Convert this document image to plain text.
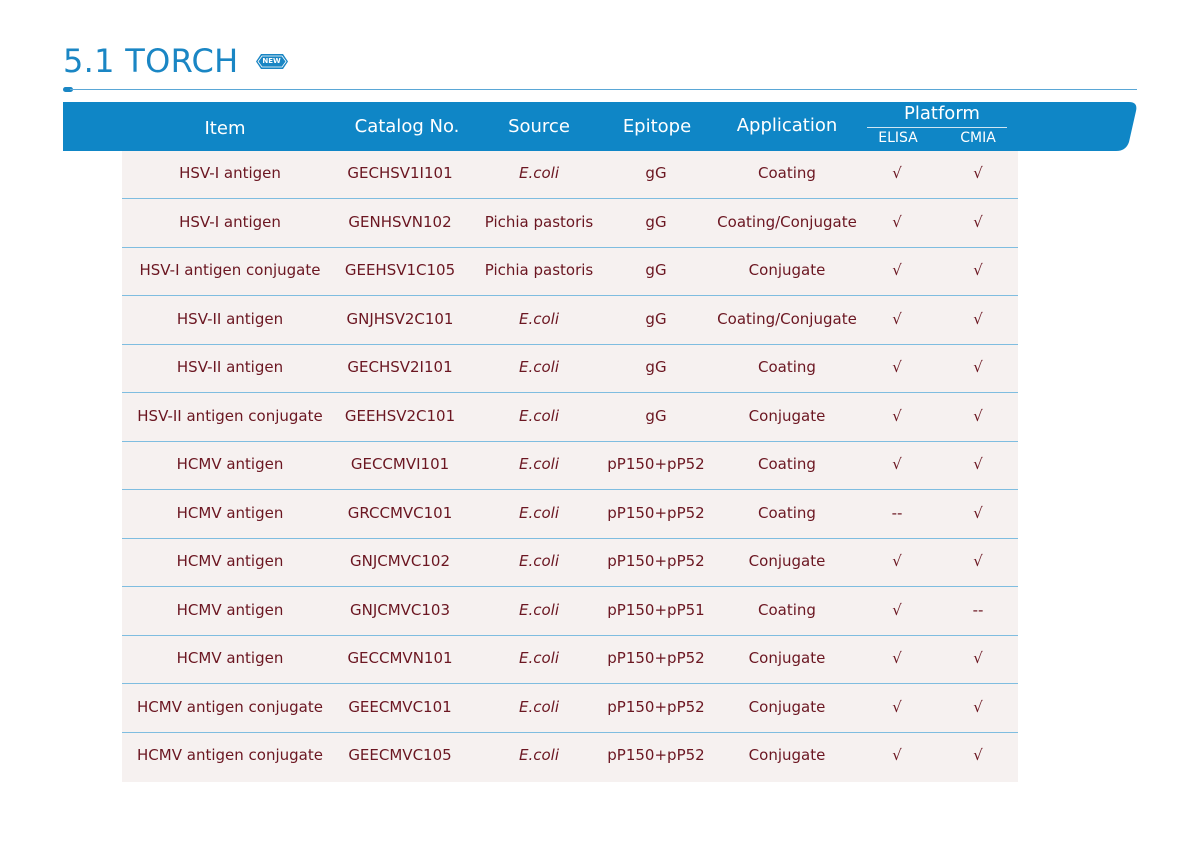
5.1 TORCH	NEW
Item	Catalog No.	Source	Epitope	Application
Platform
ELISA	CMIA
HSV-I antigen	GECHSV1I101	E.coli	gG	Coating	√	√
HSV-I antigen	GENHSVN102	Pichia pastoris	gG	Coating/Conjugate	√	√
HSV-I antigen conjugate	GEEHSV1C105	Pichia pastoris	gG	Conjugate	√	√
HSV-II antigen	GNJHSV2C101	E.coli	gG	Coating/Conjugate	√	√
HSV-II antigen	GECHSV2I101	E.coli	gG	Coating	√	√
HSV-II antigen conjugate	GEEHSV2C101	E.coli	gG	Conjugate	√	√
HCMV antigen	GECCMVI101	E.coli	pP150+pP52	Coating	√	√
HCMV antigen	GRCCMVC101	E.coli	pP150+pP52	Coating	--	√
HCMV antigen	GNJCMVC102	E.coli	pP150+pP52	Conjugate	√	√
HCMV antigen	GNJCMVC103	E.coli	pP150+pP51	Coating	√	--
HCMV antigen	GECCMVN101	E.coli	pP150+pP52	Conjugate	√	√
HCMV antigen conjugate	GEECMVC101	E.coli	pP150+pP52	Conjugate	√	√
HCMV antigen conjugate	GEECMVC105	E.coli	pP150+pP52	Conjugate	√	√
